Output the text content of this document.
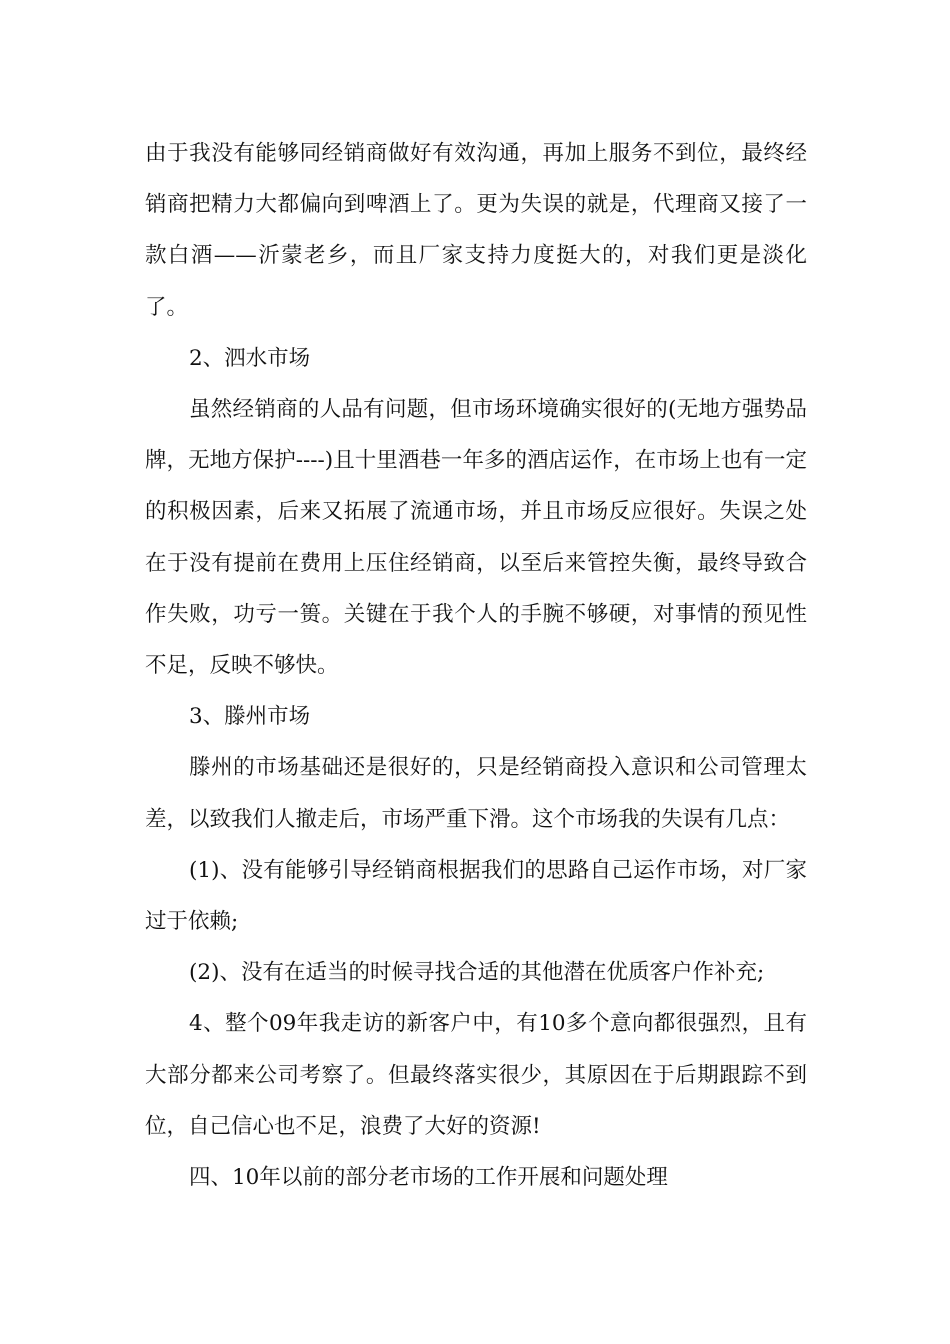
由于我没有能够同经销商做好有效沟通，再加上服务不到位，最终经销商把精力大都偏向到啤酒上了。更为失误的就是，代理商又接了一款白酒——沂蒙老乡，而且厂家支持力度挺大的，对我们更是淡化了。

2、泗水市场

虽然经销商的人品有问题，但市场环境确实很好的(无地方强势品牌，无地方保护----)且十里酒巷一年多的酒店运作，在市场上也有一定的积极因素，后来又拓展了流通市场，并且市场反应很好。失误之处在于没有提前在费用上压住经销商，以至后来管控失衡，最终导致合作失败，功亏一篑。关键在于我个人的手腕不够硬，对事情的预见性不足，反映不够快。

3、滕州市场

滕州的市场基础还是很好的，只是经销商投入意识和公司管理太差，以致我们人撤走后，市场严重下滑。这个市场我的失误有几点：

(1)、没有能够引导经销商根据我们的思路自己运作市场，对厂家过于依赖;

(2)、没有在适当的时候寻找合适的其他潜在优质客户作补充;

4、整个09年我走访的新客户中，有10多个意向都很强烈，且有大部分都来公司考察了。但最终落实很少，其原因在于后期跟踪不到位，自己信心也不足，浪费了大好的资源!

四、10年以前的部分老市场的工作开展和问题处理
